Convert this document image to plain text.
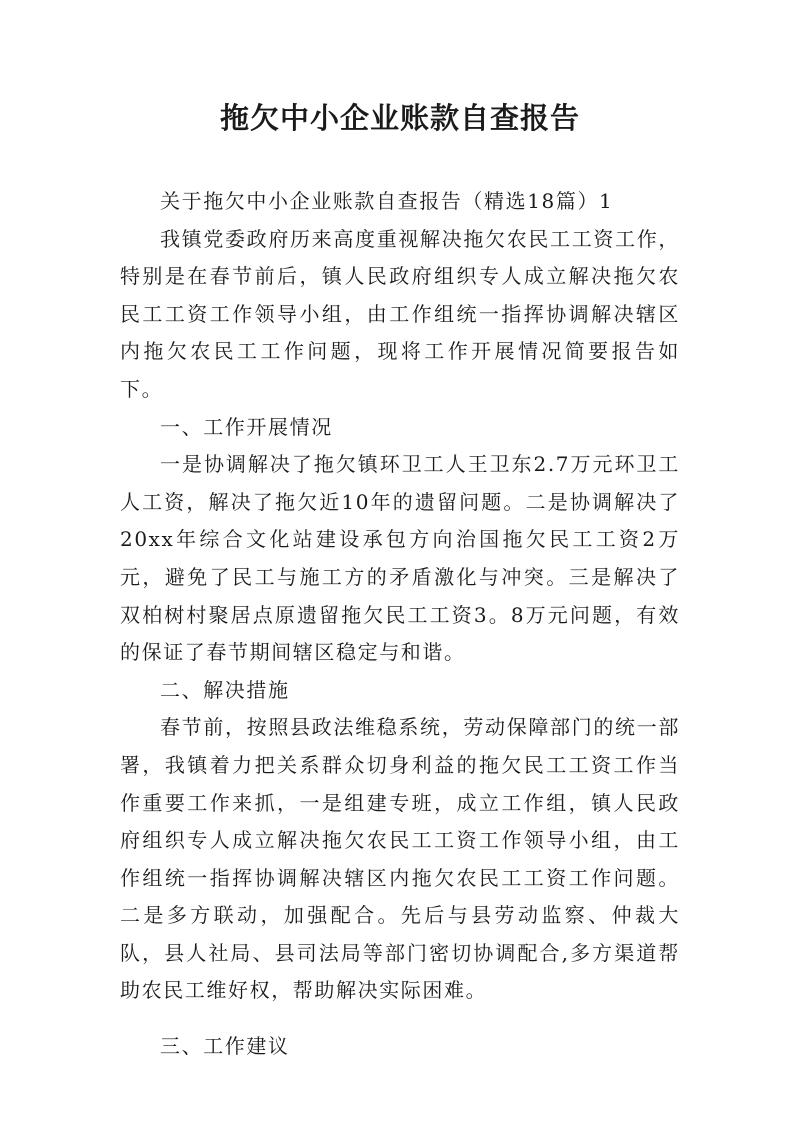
拖欠中小企业账款自查报告

关于拖欠中小企业账款自查报告（精选18篇）1

我镇党委政府历来高度重视解决拖欠农民工工资工作，特别是在春节前后，镇人民政府组织专人成立解决拖欠农民工工资工作领导小组，由工作组统一指挥协调解决辖区内拖欠农民工工作问题，现将工作开展情况简要报告如下。

一、工作开展情况

一是协调解决了拖欠镇环卫工人王卫东2.7万元环卫工人工资，解决了拖欠近10年的遗留问题。二是协调解决了20xx年综合文化站建设承包方向治国拖欠民工工资2万元，避免了民工与施工方的矛盾激化与冲突。三是解决了双柏树村聚居点原遗留拖欠民工工资3。8万元问题，有效的保证了春节期间辖区稳定与和谐。

二、解决措施

春节前，按照县政法维稳系统，劳动保障部门的统一部署，我镇着力把关系群众切身利益的拖欠民工工资工作当作重要工作来抓，一是组建专班，成立工作组，镇人民政府组织专人成立解决拖欠农民工工资工作领导小组，由工作组统一指挥协调解决辖区内拖欠农民工工资工作问题。二是多方联动，加强配合。先后与县劳动监察、仲裁大队，县人社局、县司法局等部门密切协调配合,多方渠道帮助农民工维好权，帮助解决实际困难。

三、工作建议
